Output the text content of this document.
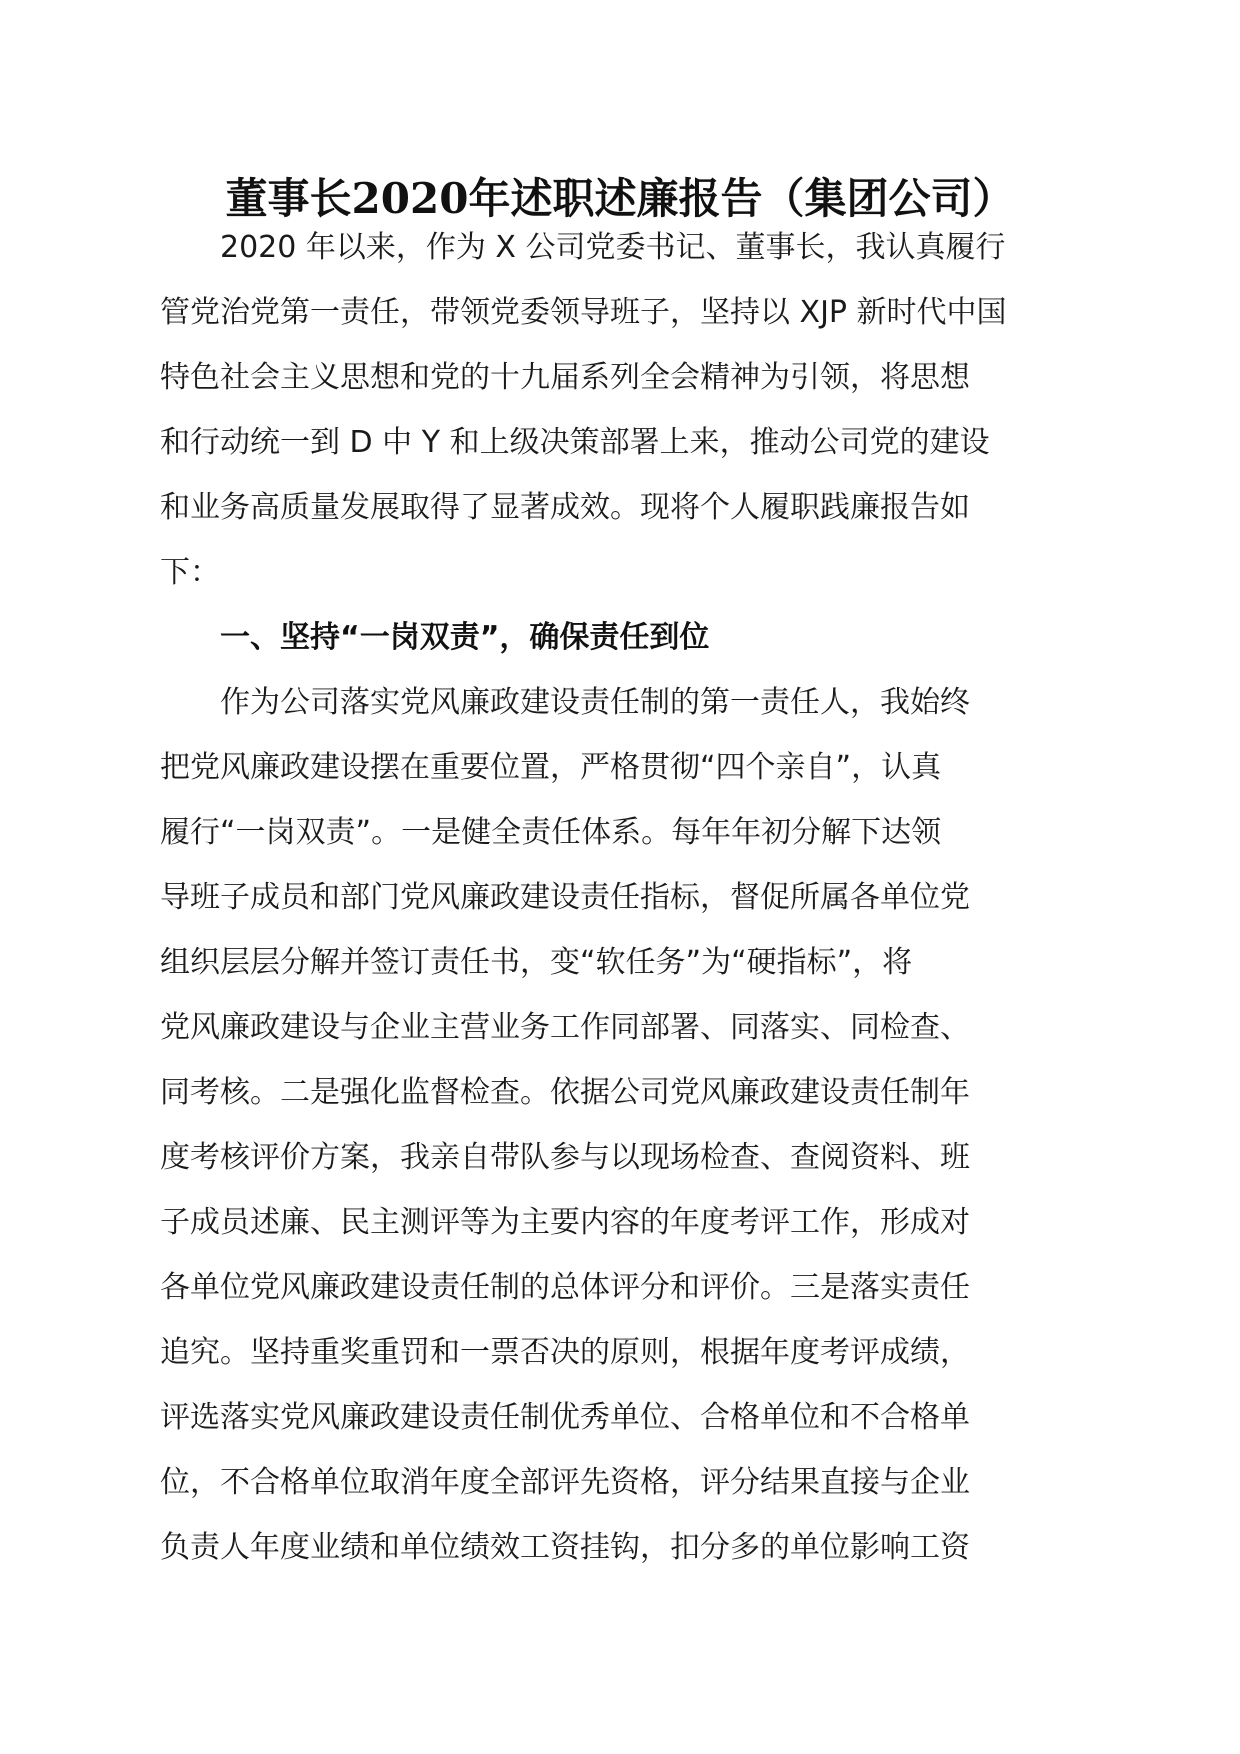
董事长2020年述职述廉报告（集团公司）
　　2020 年以来，作为 X 公司党委书记、董事长，我认真履行
管党治党第一责任，带领党委领导班子，坚持以 XJP 新时代中国
特色社会主义思想和党的十九届系列全会精神为引领，将思想
和行动统一到 D 中 Y 和上级决策部署上来，推动公司党的建设
和业务高质量发展取得了显著成效。现将个人履职践廉报告如
下：
　　一、坚持“一岗双责”，确保责任到位
　　作为公司落实党风廉政建设责任制的第一责任人，我始终
把党风廉政建设摆在重要位置，严格贯彻“四个亲自”，认真
履行“一岗双责”。一是健全责任体系。每年年初分解下达领
导班子成员和部门党风廉政建设责任指标，督促所属各单位党
组织层层分解并签订责任书，变“软任务”为“硬指标”，将
党风廉政建设与企业主营业务工作同部署、同落实、同检查、
同考核。二是强化监督检查。依据公司党风廉政建设责任制年
度考核评价方案，我亲自带队参与以现场检查、查阅资料、班
子成员述廉、民主测评等为主要内容的年度考评工作，形成对
各单位党风廉政建设责任制的总体评分和评价。三是落实责任
追究。坚持重奖重罚和一票否决的原则，根据年度考评成绩，
评选落实党风廉政建设责任制优秀单位、合格单位和不合格单
位，不合格单位取消年度全部评先资格，评分结果直接与企业
负责人年度业绩和单位绩效工资挂钩，扣分多的单位影响工资
